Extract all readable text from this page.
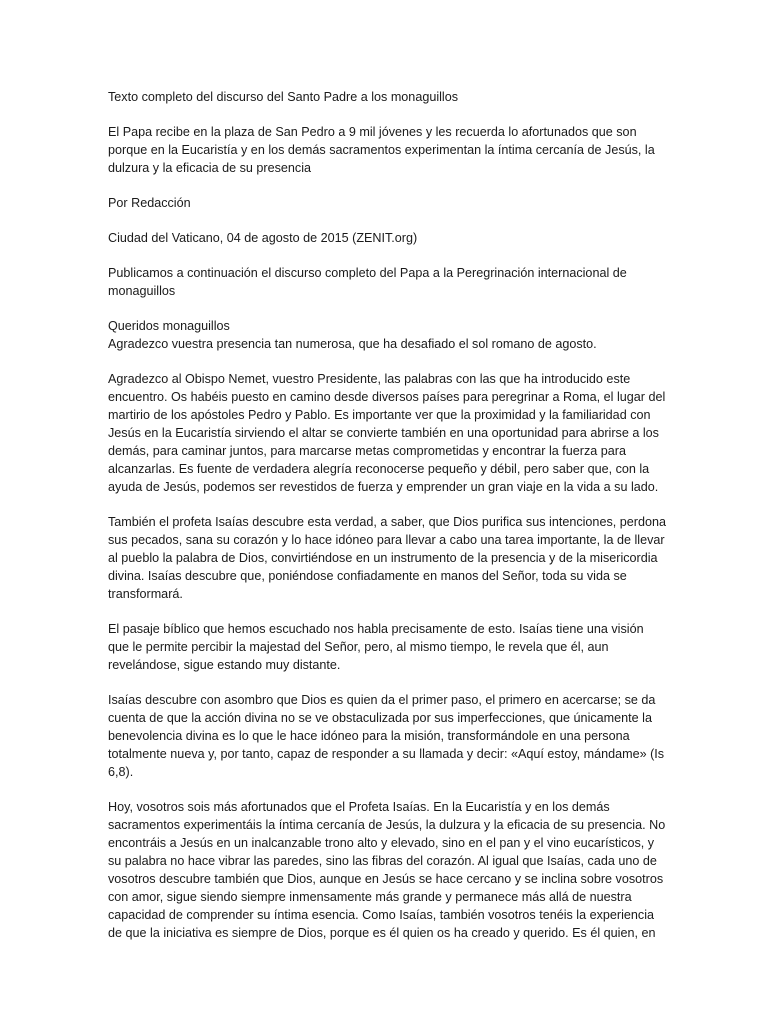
Texto completo del discurso del Santo Padre a los monaguillos

El Papa recibe en la plaza de San Pedro a 9 mil jóvenes y les recuerda lo afortunados que son porque en la Eucaristía y en los demás sacramentos experimentan la íntima cercanía de Jesús, la dulzura y la eficacia de su presencia

Por Redacción

Ciudad del Vaticano, 04 de agosto de 2015 (ZENIT.org)

Publicamos a continuación el discurso completo del Papa a la Peregrinación internacional de monaguillos

Queridos monaguillos

Agradezco vuestra presencia tan numerosa, que ha desafiado el sol romano de agosto.

Agradezco al Obispo Nemet, vuestro Presidente, las palabras con las que ha introducido este encuentro. Os habéis puesto en camino desde diversos países para peregrinar a Roma, el lugar del martirio de los apóstoles Pedro y Pablo. Es importante ver que la proximidad y la familiaridad con Jesús en la Eucaristía sirviendo el altar se convierte también en una oportunidad para abrirse a los demás, para caminar juntos, para marcarse metas comprometidas y encontrar la fuerza para alcanzarlas. Es fuente de verdadera alegría reconocerse pequeño y débil, pero saber que, con la ayuda de Jesús, podemos ser revestidos de fuerza y emprender un gran viaje en la vida a su lado.

También el profeta Isaías descubre esta verdad, a saber, que Dios purifica sus intenciones, perdona sus pecados, sana su corazón y lo hace idóneo para llevar a cabo una tarea importante, la de llevar al pueblo la palabra de Dios, convirtiéndose en un instrumento de la presencia y de la misericordia divina. Isaías descubre que, poniéndose confiadamente en manos del Señor, toda su vida se transformará.

El pasaje bíblico que hemos escuchado nos habla precisamente de esto. Isaías tiene una visión que le permite percibir la majestad del Señor, pero, al mismo tiempo, le revela que él, aun revelándose, sigue estando muy distante.

Isaías descubre con asombro que Dios es quien da el primer paso, el primero en acercarse; se da cuenta de que la acción divina no se ve obstaculizada por sus imperfecciones, que únicamente la benevolencia divina es lo que le hace idóneo para la misión, transformándole en una persona totalmente nueva y, por tanto, capaz de responder a su llamada y decir: «Aquí estoy, mándame» (Is 6,8).

Hoy, vosotros sois más afortunados que el Profeta Isaías. En la Eucaristía y en los demás sacramentos experimentáis la íntima cercanía de Jesús, la dulzura y la eficacia de su presencia. No encontráis a Jesús en un inalcanzable trono alto y elevado, sino en el pan y el vino eucarísticos, y su palabra no hace vibrar las paredes, sino las fibras del corazón. Al igual que Isaías, cada uno de vosotros descubre también que Dios, aunque en Jesús se hace cercano y se inclina sobre vosotros con amor, sigue siendo siempre inmensamente más grande y permanece más allá de nuestra capacidad de comprender su íntima esencia. Como Isaías, también vosotros tenéis la experiencia de que la iniciativa es siempre de Dios, porque es él quien os ha creado y querido. Es él quien, en
